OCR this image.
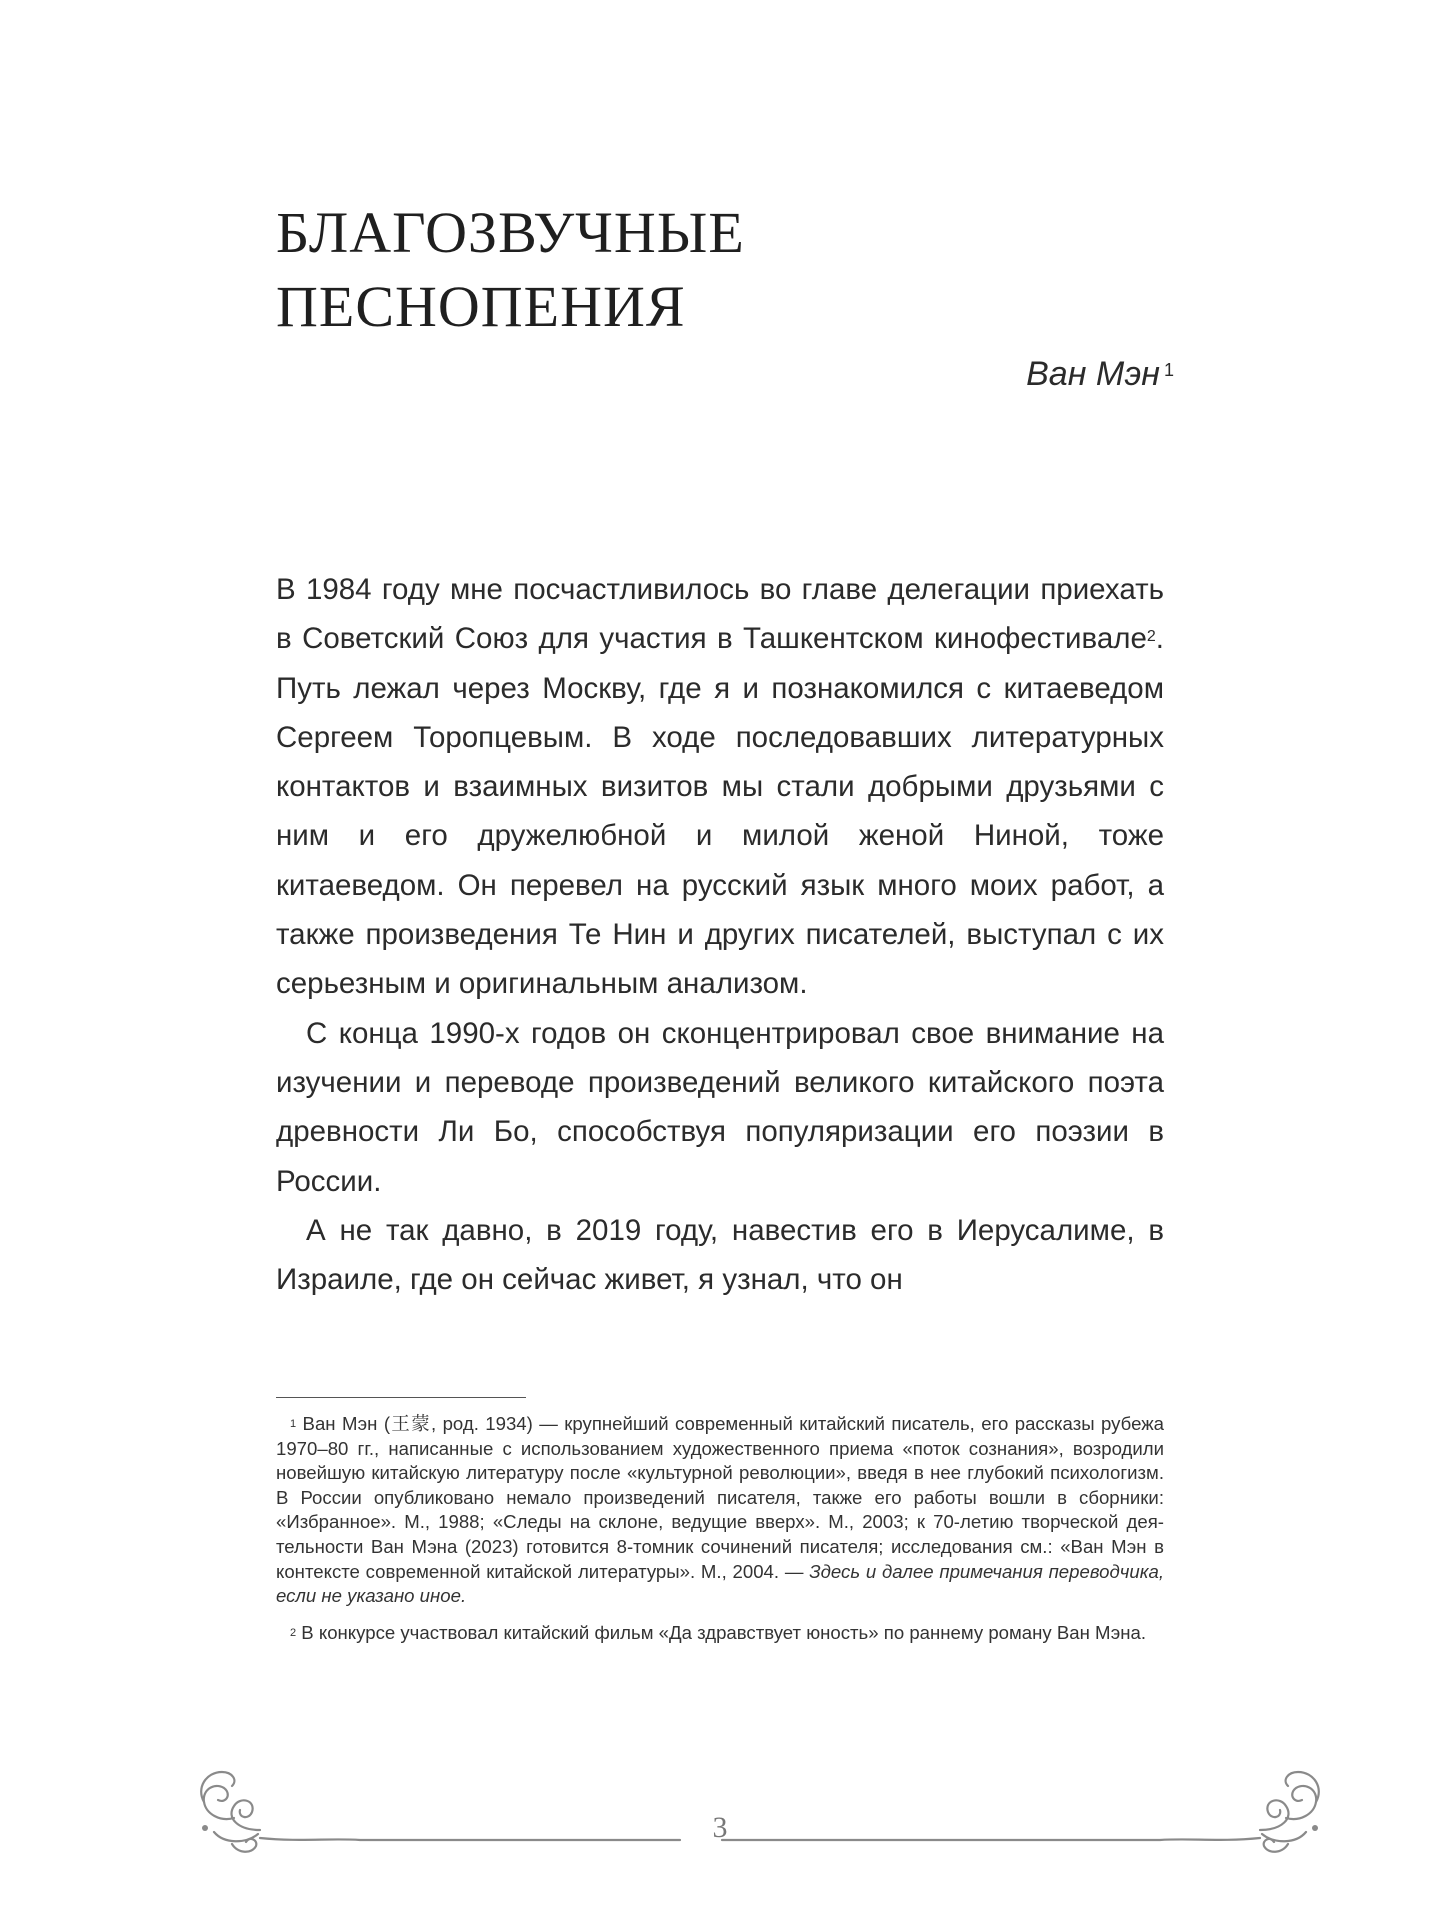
БЛАГОЗВУЧНЫЕ
ПЕСНОПЕНИЯ
Ван Мэн $^1$

В 1984 году мне посчастливилось во главе делегации приехать в Советский Союз для участия в Ташкентском кинофестивале$^2$. Путь лежал через Москву, где я и познакомился с китаеведом Сергеем Торопцевым. В ходе последовавших литературных контактов и взаимных визитов мы стали добрыми друзьями с ним и его дружелюбной и милой женой Ниной, тоже китаеведом. Он перевел на русский язык много моих работ, а также произведения Те Нин и других писателей, выступал с их серьезным и оригинальным анализом.

С конца 1990-х годов он сконцентрировал свое внимание на изучении и переводе произведений великого китайского поэта древности Ли Бо, способствуя популяризации его поэзии в России.

А не так давно, в 2019 году, навестив его в Иерусалиме, в Израиле, где он сейчас живет, я узнал, что он

$^1$ Ван Мэн (王蒙, род. 1934) — крупнейший современный китайский писатель, его рассказы рубежа 1970–80 гг., написанные с использованием художественного приема «поток сознания», возродили новейшую китайскую литературу после «культурной революции», введя в нее глубокий психологизм. В России опубликовано немало произведений писателя, также его работы вошли в сборники: «Избранное». М., 1988; «Следы на склоне, ведущие вверх». М., 2003; к 70-летию творческой деятельности Ван Мэна (2023) готовится 8-томник сочинений писателя; исследования см.: «Ван Мэн в контексте современной китайской литературы». М., 2004. — Здесь и далее примечания переводчика, если не указано иное.

$^2$ В конкурсе участвовал китайский фильм «Да здравствует юность» по раннему роману Ван Мэна.

3
